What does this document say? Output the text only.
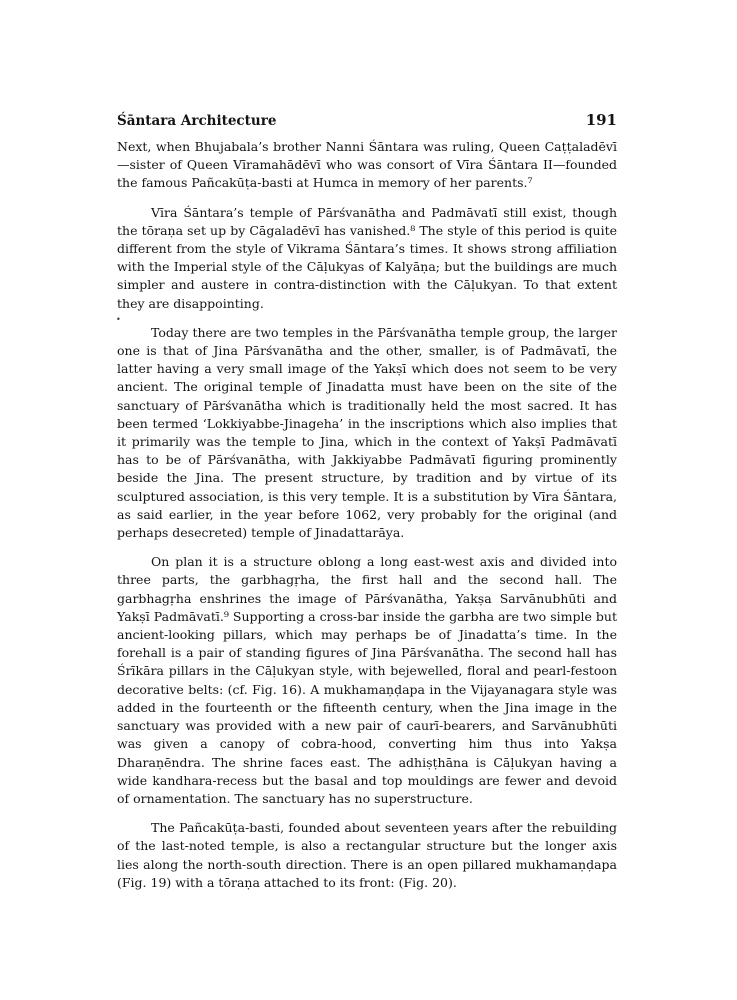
Śāntara Architecture	191
•

Next, when Bhujabala’s brother Nanni Śāntara was ruling, Queen Caṭṭaladēvī —sister of Queen Vīramahādēvī who was consort of Vīra Śāntara II—founded the famous Pañcakūṭa-basti at Humca in memory of her parents.⁷

Vīra Śāntara’s temple of Pārśvanātha and Padmāvatī still exist, though the tōraṇa set up by Cāgaladēvī has vanished.⁸ The style of this period is quite different from the style of Vikrama Śāntara’s times. It shows strong affiliation with the Imperial style of the Cāḷukyas of Kalyāṇa; but the buildings are much simpler and austere in contra-distinction with the Cāḷukyan. To that extent they are disappointing.

Today there are two temples in the Pārśvanātha temple group, the larger one is that of Jina Pārśvanātha and the other, smaller, is of Padmāvatī, the latter having a very small image of the Yakṣī which does not seem to be very ancient. The original temple of Jinadatta must have been on the site of the sanctuary of Pārśvanātha which is traditionally held the most sacred. It has been termed ‘Lokkiyabbe-Jinageha’ in the inscriptions which also implies that it primarily was the temple to Jina, which in the context of Yakṣī Padmāvatī has to be of Pārśvanātha, with Jakkiyabbe Padmāvatī figuring prominently beside the Jina. The present structure, by tradition and by virtue of its sculptured association, is this very temple. It is a substitution by Vīra Śāntara, as said earlier, in the year before 1062, very probably for the original (and perhaps desecreted) temple of Jinadattarāya.

On plan it is a structure oblong a long east-west axis and divided into three parts, the garbhagṛha, the first hall and the second hall. The garbhagṛha enshrines the image of Pārśvanātha, Yakṣa Sarvānubhūti and Yakṣī Padmāvatī.⁹ Supporting a cross-bar inside the garbha are two simple but ancient-looking pillars, which may perhaps be of Jinadatta’s time. In the forehall is a pair of standing figures of Jina Pārśvanātha. The second hall has Śrīkāra pillars in the Cāḷukyan style, with bejewelled, floral and pearl-festoon decorative belts: (cf. Fig. 16). A mukhamaṇḍapa in the Vijayanagara style was added in the fourteenth or the fifteenth century, when the Jina image in the sanctuary was provided with a new pair of caurī-bearers, and Sarvānubhūti was given a canopy of cobra-hood, converting him thus into Yakṣa Dharaṇēndra. The shrine faces east. The adhiṣṭhāna is Cāḷukyan having a wide kandhara-recess but the basal and top mouldings are fewer and devoid of ornamentation. The sanctuary has no superstructure.

The Pañcakūṭa-basti, founded about seventeen years after the rebuilding of the last-noted temple, is also a rectangular structure but the longer axis lies along the north-south direction. There is an open pillared mukhamaṇḍapa (Fig. 19) with a tōraṇa attached to its front: (Fig. 20).
